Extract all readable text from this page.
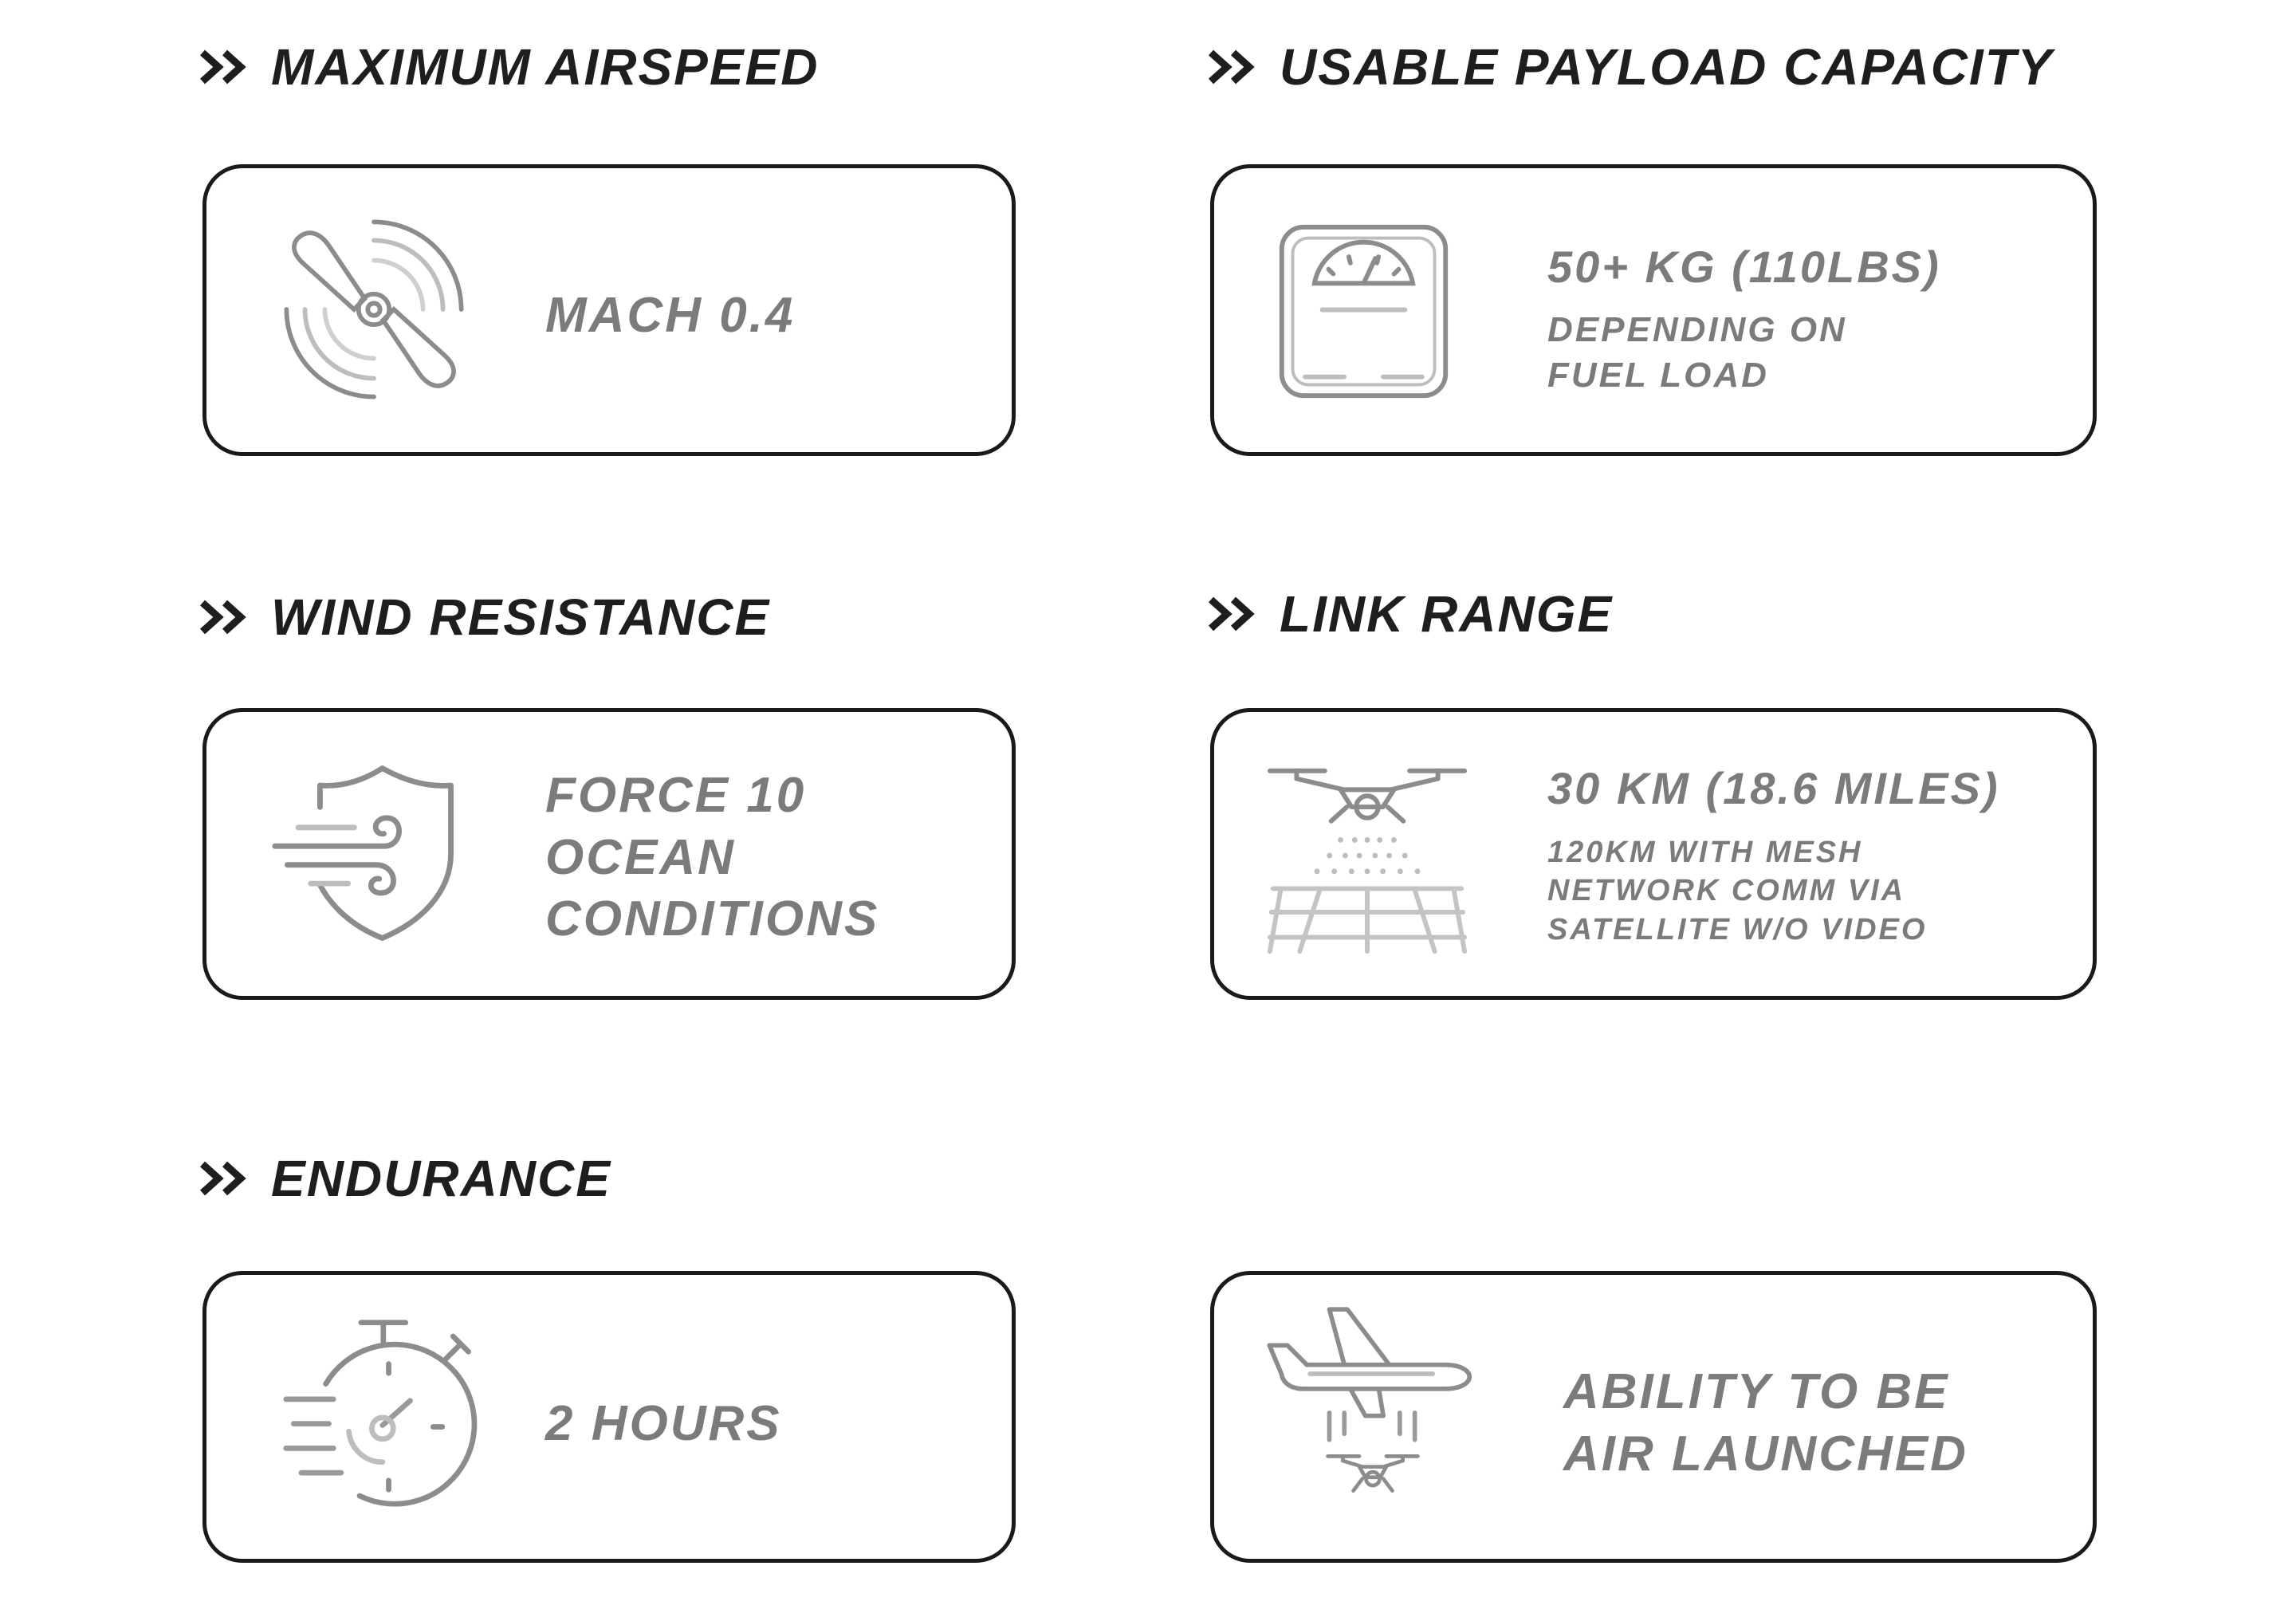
MAXIMUM AIRSPEED	USABLE PAYLOAD CAPACITY
MACH 0.4
50+ KG (110LBS)
DEPENDING ON
FUEL LOAD
WIND RESISTANCE	LINK RANGE
FORCE 10
OCEAN
CONDITIONS
30 KM (18.6 MILES)
120KM WITH MESH
NETWORK COMM VIA
SATELLITE W/O VIDEO
ENDURANCE
2 HOURS
ABILITY TO BE
AIR LAUNCHED
